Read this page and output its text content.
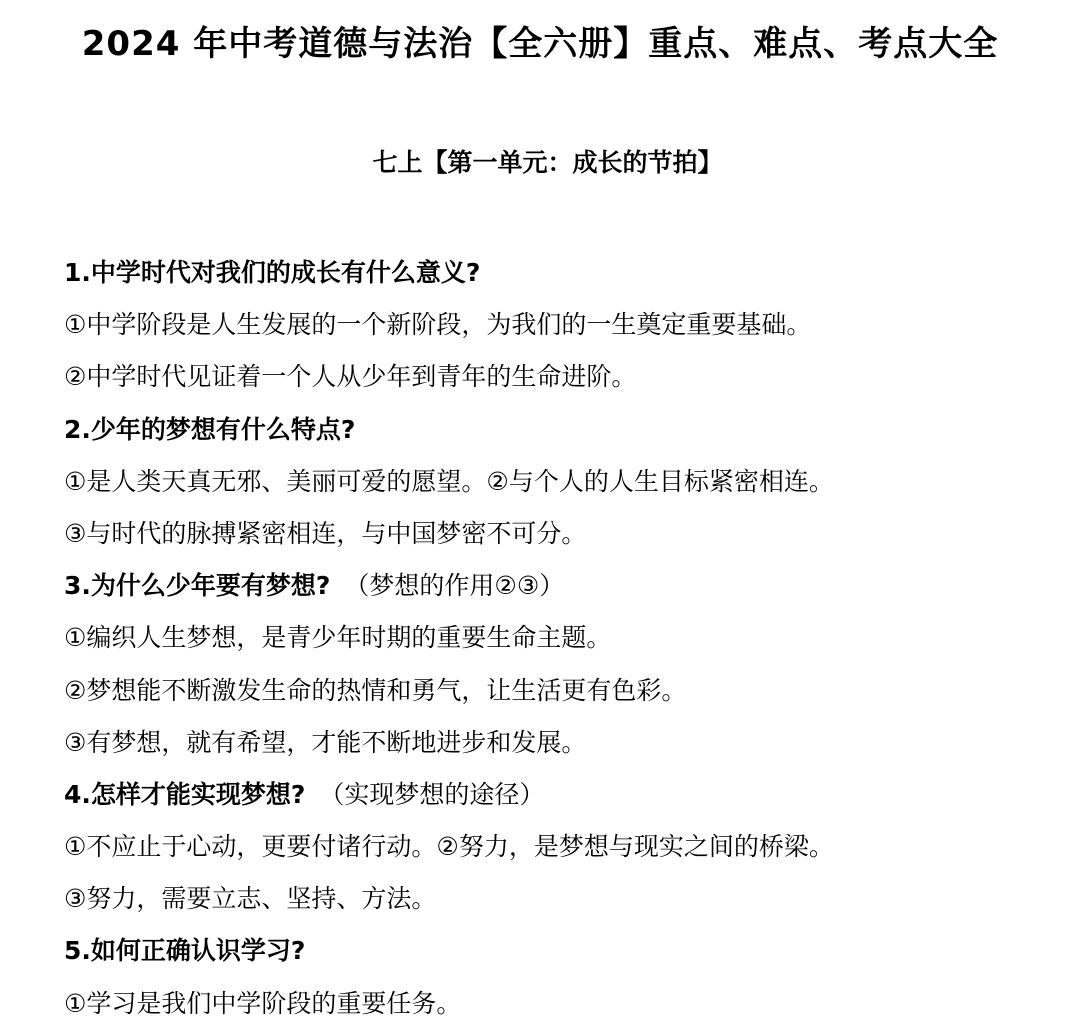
2024 年中考道德与法治【全六册】重点、难点、考点大全
七上【第一单元：成长的节拍】
1.中学时代对我们的成长有什么意义?
①中学阶段是人生发展的一个新阶段，为我们的一生奠定重要基础。
②中学时代见证着一个人从少年到青年的生命进阶。
2.少年的梦想有什么特点?
①是人类天真无邪、美丽可爱的愿望。②与个人的人生目标紧密相连。
③与时代的脉搏紧密相连，与中国梦密不可分。
3.为什么少年要有梦想? （梦想的作用②③）
①编织人生梦想，是青少年时期的重要生命主题。
②梦想能不断激发生命的热情和勇气，让生活更有色彩。
③有梦想，就有希望，才能不断地进步和发展。
4.怎样才能实现梦想? （实现梦想的途径）
①不应止于心动，更要付诸行动。②努力，是梦想与现实之间的桥梁。
③努力，需要立志、坚持、方法。
5.如何正确认识学习?
①学习是我们中学阶段的重要任务。
